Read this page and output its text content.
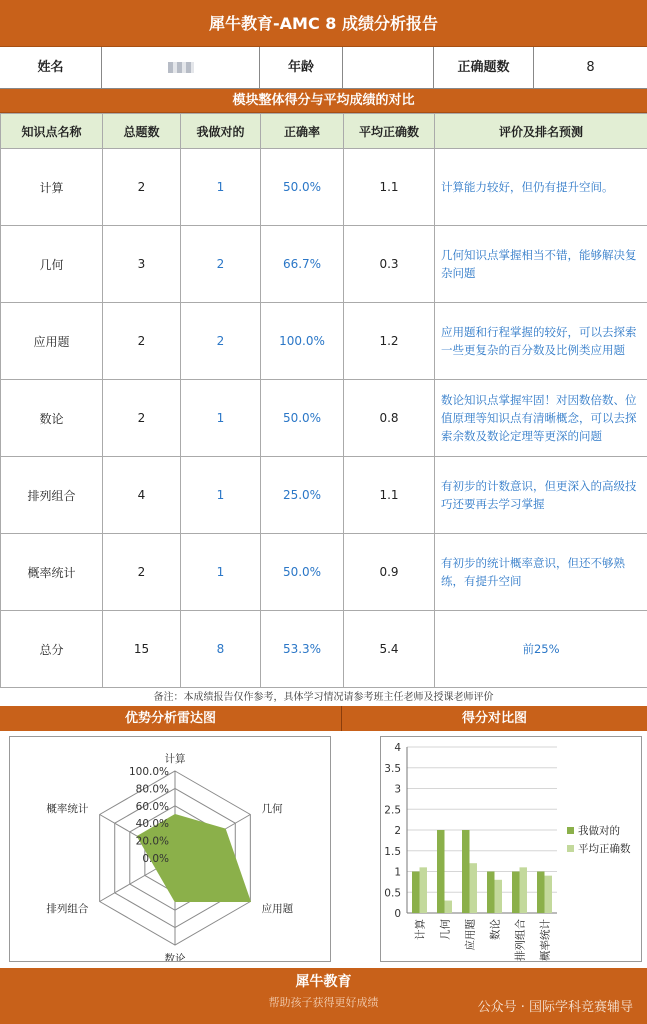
犀牛教育-AMC 8 成绩分析报告
姓名	年龄	正确题数	8
模块整体得分与平均成绩的对比
知识点名称	总题数	我做对的	正确率	平均正确数	评价及排名预测
计算	2	1	50.0%	1.1	计算能力较好，但仍有提升空间。
几何	3	2	66.7%	0.3	几何知识点掌握相当不错，能够解决复杂问题
应用题	2	2	100.0%	1.2	应用题和行程掌握的较好，可以去探索一些更复杂的百分数及比例类应用题
数论	2	1	50.0%	0.8	数论知识点掌握牢固！对因数倍数、位值原理等知识点有清晰概念，可以去探索余数及数论定理等更深的问题
排列组合	4	1	25.0%	1.1	有初步的计数意识，但更深入的高级技巧还要再去学习掌握
概率统计	2	1	50.0%	0.9	有初步的统计概率意识，但还不够熟练，有提升空间
总分	15	8	53.3%	5.4	前25%
备注：本成绩报告仅作参考，具体学习情况请参考班主任老师及授课老师评价
优势分析雷达图	得分对比图
0.0%
20.0%
40.0%
60.0%
80.0%
100.0%
计算
几何
应用题
数论
排列组合
概率统计
0
0.5
1
1.5
2
2.5
3
3.5
4
计算 几何 应用题 数论 排列组合 概率统计
我做对的
平均正确数
犀牛教育
帮助孩子获得更好成绩	公众号 · 国际学科竞赛辅导
